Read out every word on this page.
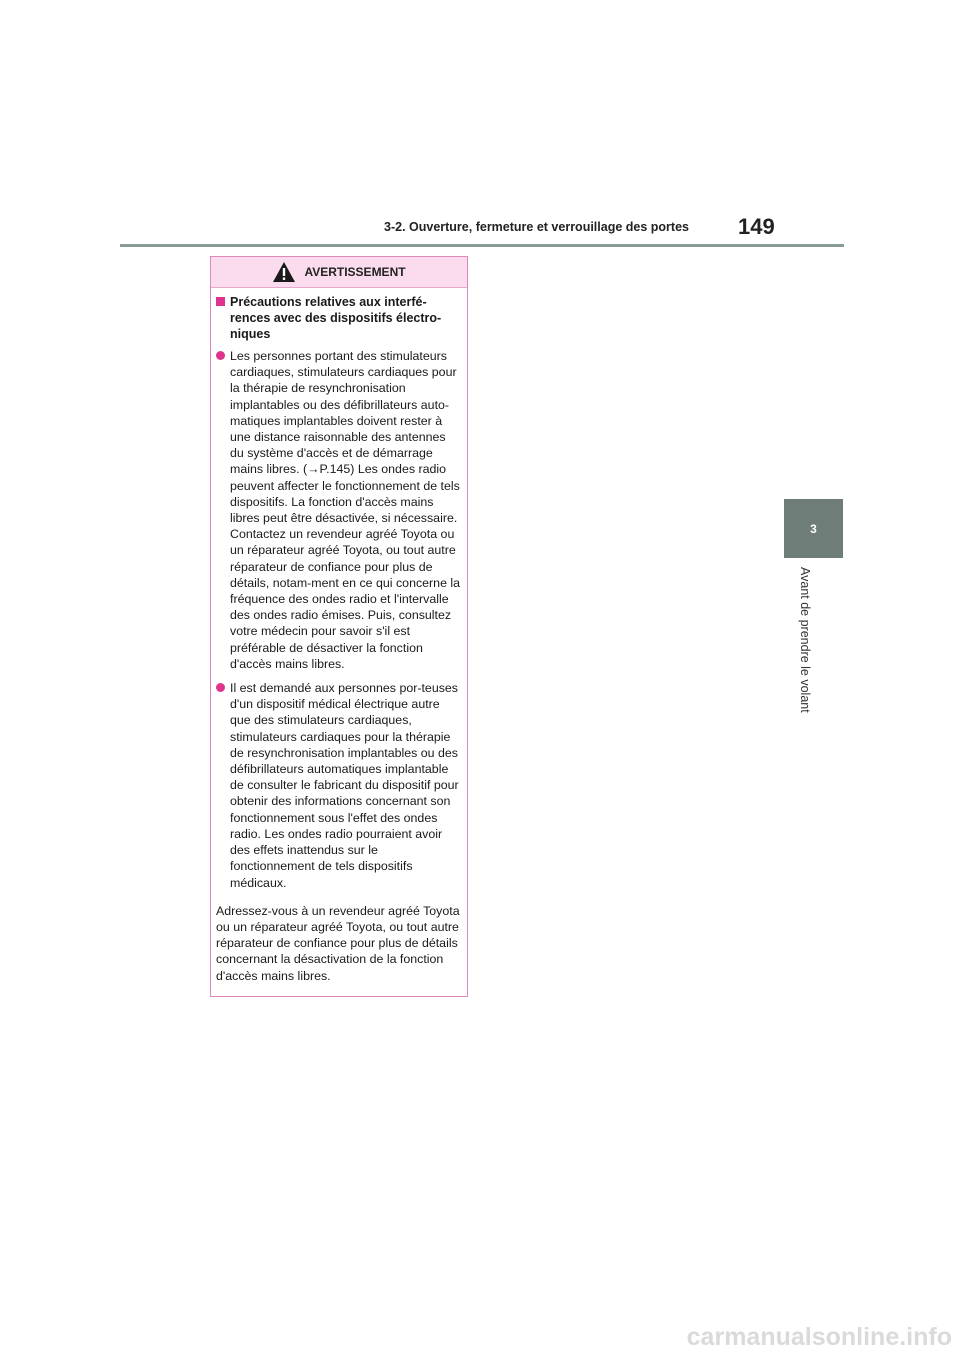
3-2. Ouverture, fermeture et verrouillage des portes 149
3
Avant de prendre le volant
AVERTISSEMENT
Précautions relatives aux interfé-rences avec des dispositifs électro-niques

Les personnes portant des stimulateurs cardiaques, stimulateurs cardiaques pour la thérapie de resynchronisation implantables ou des défibrillateurs auto-matiques implantables doivent rester à une distance raisonnable des antennes du système d'accès et de démarrage mains libres. (→P.145) Les ondes radio peuvent affecter le fonctionnement de tels dispositifs. La fonction d'accès mains libres peut être désactivée, si nécessaire. Contactez un revendeur agréé Toyota ou un réparateur agréé Toyota, ou tout autre réparateur de confiance pour plus de détails, notam-ment en ce qui concerne la fréquence des ondes radio et l'intervalle des ondes radio émises. Puis, consultez votre médecin pour savoir s'il est préférable de désactiver la fonction d'accès mains libres.

Il est demandé aux personnes por-teuses d'un dispositif médical électrique autre que des stimulateurs cardiaques, stimulateurs cardiaques pour la thérapie de resynchronisation implantables ou des défibrillateurs automatiques implantable de consulter le fabricant du dispositif pour obtenir des informations concernant son fonctionnement sous l'effet des ondes radio. Les ondes radio pourraient avoir des effets inattendus sur le fonctionnement de tels dispositifs médicaux.

Adressez-vous à un revendeur agréé Toyota ou un réparateur agréé Toyota, ou tout autre réparateur de confiance pour plus de détails concernant la désactivation de la fonction d'accès mains libres.

carmanualsonline.info
